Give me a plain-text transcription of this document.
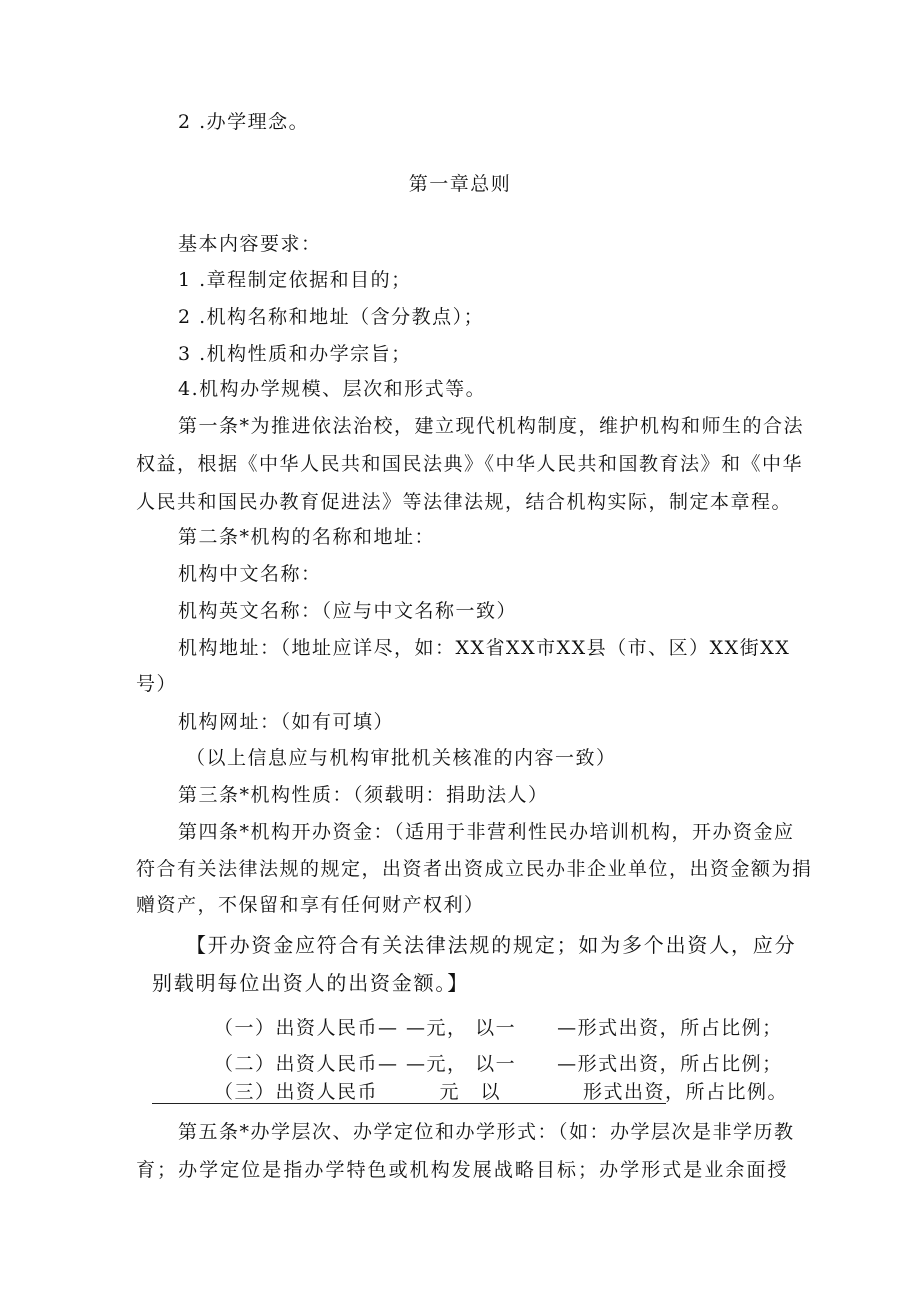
2 .办学理念。
第一章总则
基本内容要求：
1 .章程制定依据和目的；
2 .机构名称和地址（含分教点）；
3 .机构性质和办学宗旨；
4.机构办学规模、层次和形式等。
第一条*为推进依法治校，建立现代机构制度，维护机构和师生的合法
权益，根据《中华人民共和国民法典》《中华人民共和国教育法》和《中华
人民共和国民办教育促进法》等法律法规，结合机构实际，制定本章程。
第二条*机构的名称和地址：
机构中文名称：
机构英文名称：（应与中文名称一致）
机构地址：（地址应详尽，如：XX省XX市XX县（市、区）XX街XX
号）
机构网址：（如有可填）
（以上信息应与机构审批机关核准的内容一致）
第三条*机构性质：（须载明：捐助法人）
第四条*机构开办资金：（适用于非营利性民办培训机构，开办资金应
符合有关法律法规的规定，出资者出资成立民办非企业单位，出资金额为捐
赠资产，不保留和享有任何财产权利）
【开办资金应符合有关法律法规的规定；如为多个出资人，应分
别载明每位出资人的出资金额。】
（一）出资人民币— —元， 以一　　—形式出资，所占比例；
（二）出资人民币— —元， 以一　　—形式出资，所占比例；
（三）出资人民币　　　元　以　　　　形式出资，所占比例。
第五条*办学层次、办学定位和办学形式：（如：办学层次是非学历教
育；办学定位是指办学特色或机构发展战略目标；办学形式是业余面授
